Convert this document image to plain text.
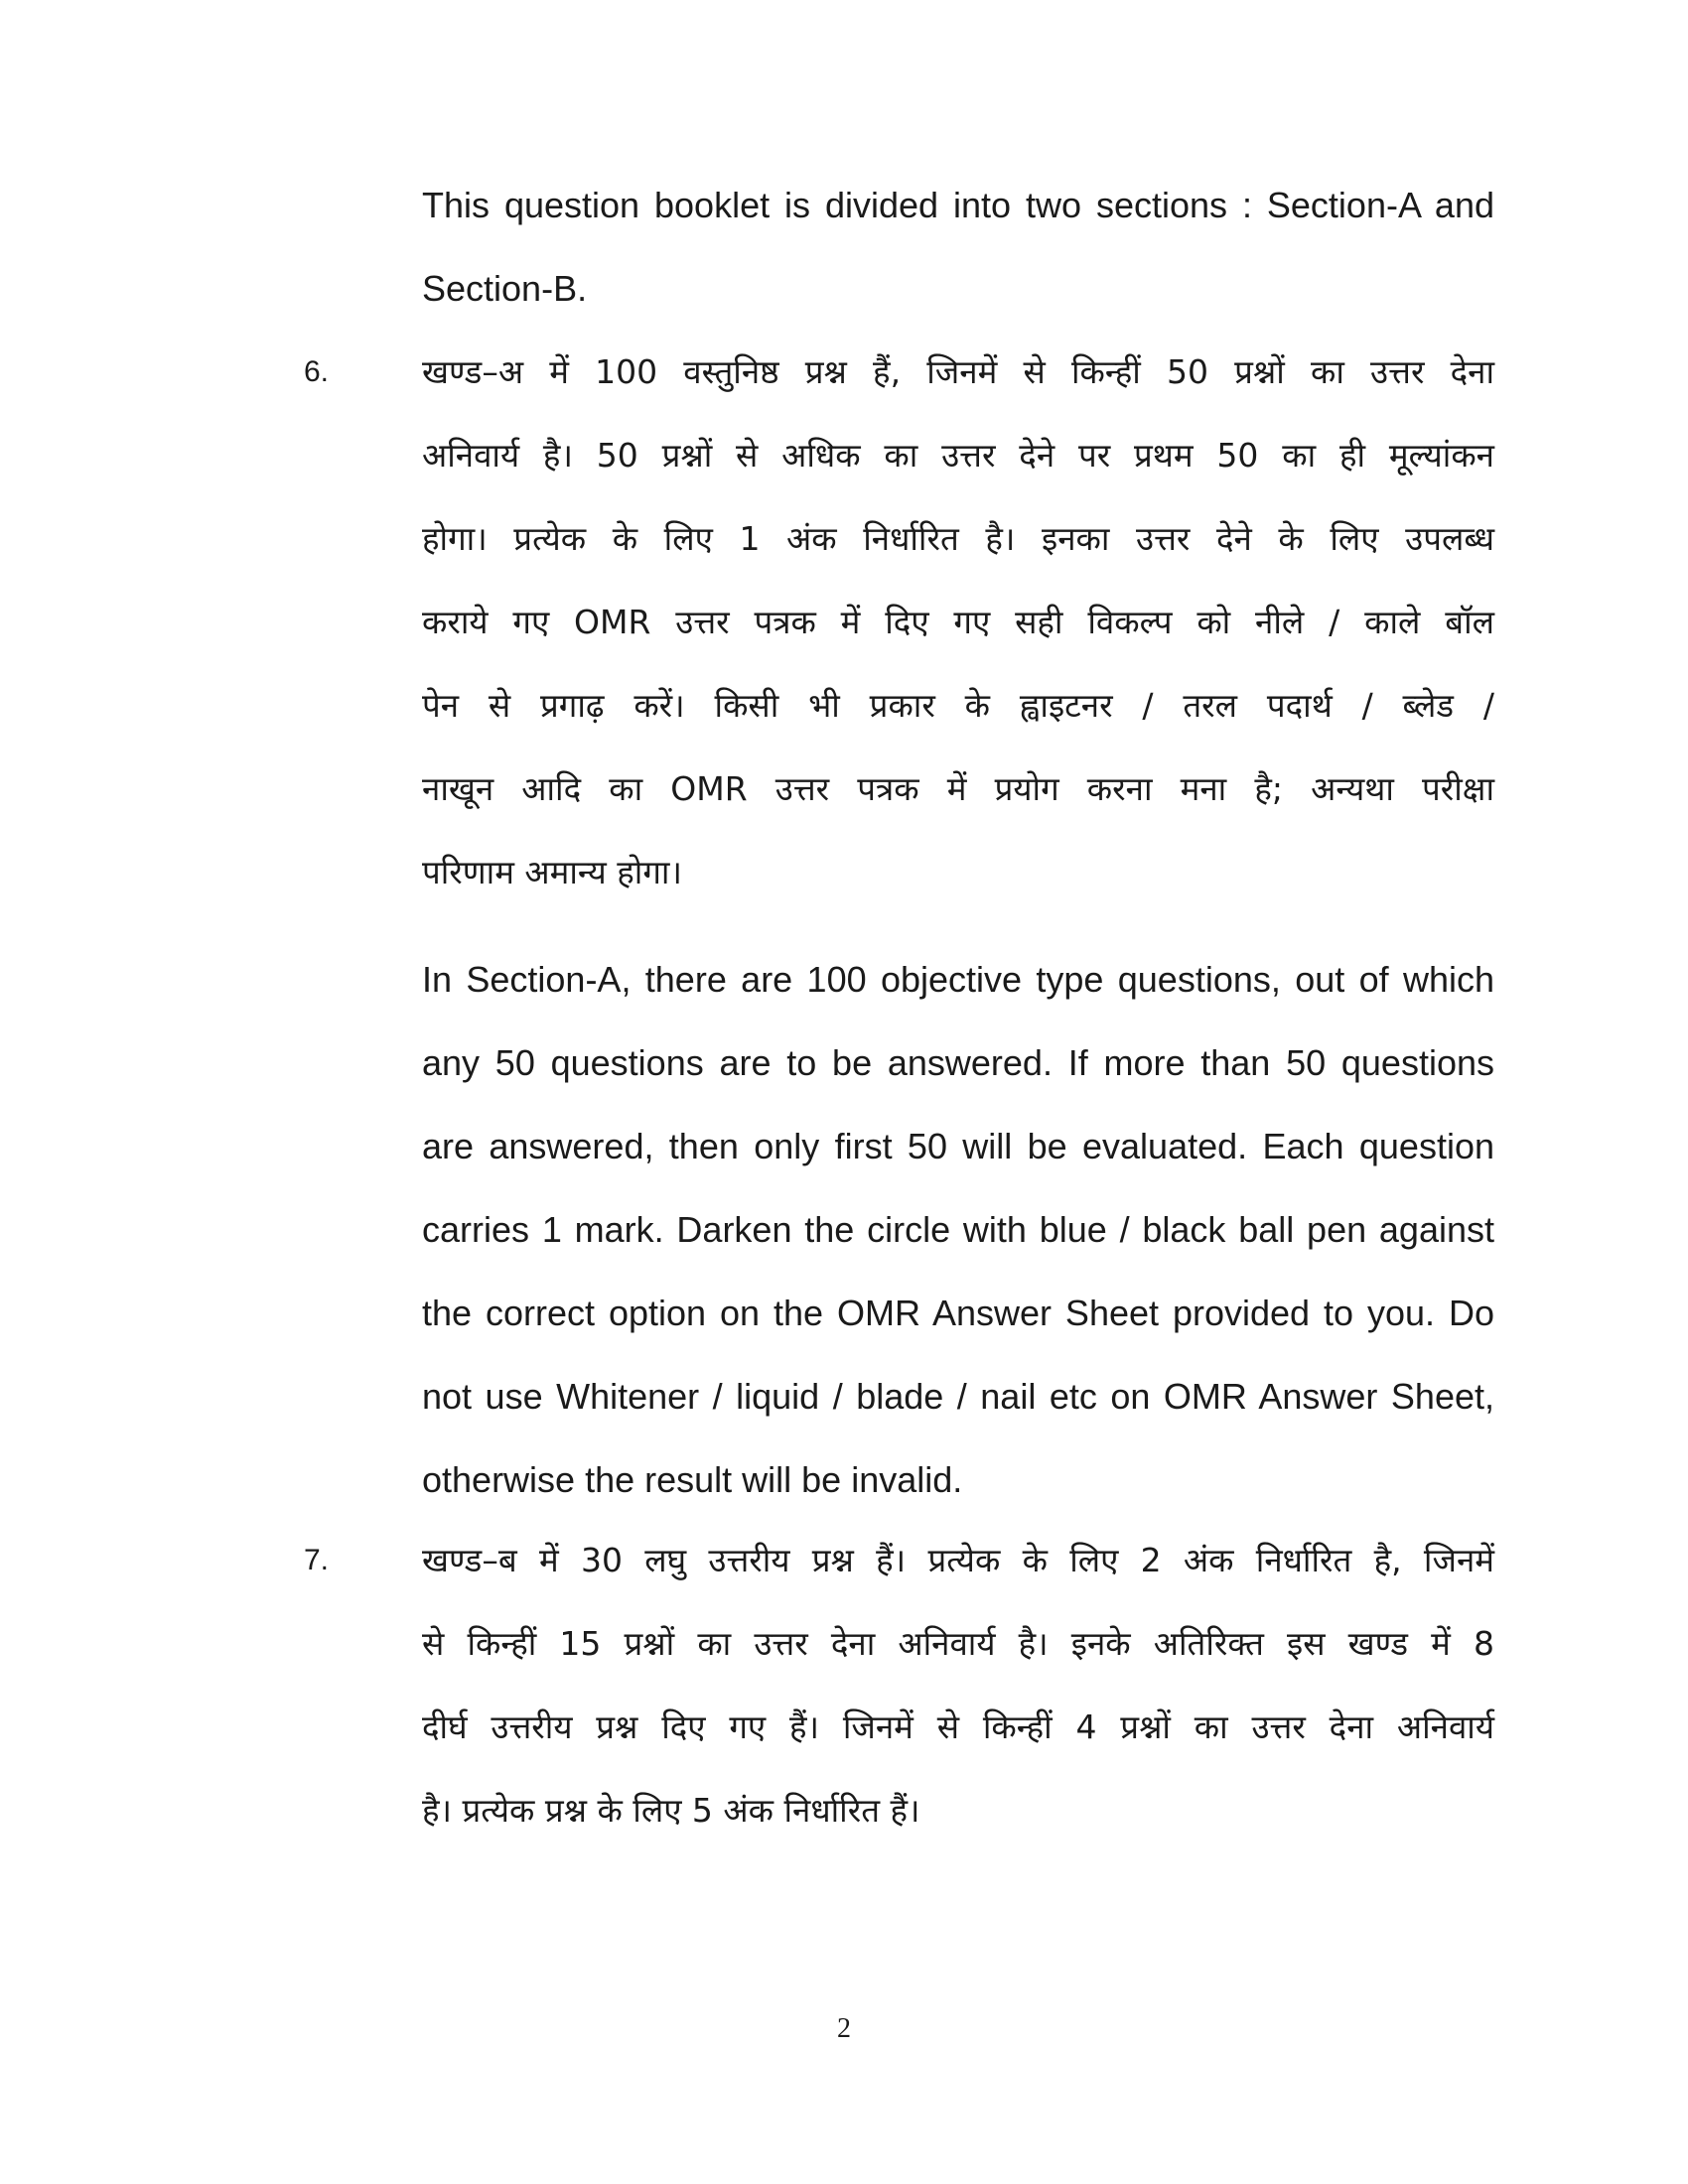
This question booklet is divided into two sections : Section-A and
Section-B.
6.	खण्ड–अ में 100 वस्तुनिष्ठ प्रश्न हैं, जिनमें से किन्हीं 50 प्रश्नों का उत्तर देना
अनिवार्य है। 50 प्रश्नों से अधिक का उत्तर देने पर प्रथम 50 का ही मूल्यांकन
होगा। प्रत्येक के लिए 1 अंक निर्धारित है। इनका उत्तर देने के लिए उपलब्ध
कराये गए OMR उत्तर पत्रक में दिए गए सही विकल्प को नीले / काले बॉल
पेन से प्रगाढ़ करें। किसी भी प्रकार के ह्वाइटनर / तरल पदार्थ / ब्लेड /
नाखून आदि का OMR उत्तर पत्रक में प्रयोग करना मना है; अन्यथा परीक्षा
परिणाम अमान्य होगा।
In Section-A, there are 100 objective type questions, out of which
any 50 questions are to be answered. If more than 50 questions
are answered, then only first 50 will be evaluated. Each question
carries 1 mark. Darken the circle with blue / black ball pen against
the correct option on the OMR Answer Sheet provided to you. Do
not use Whitener / liquid / blade / nail etc on OMR Answer Sheet,
otherwise the result will be invalid.
7.	खण्ड–ब में 30 लघु उत्तरीय प्रश्न हैं। प्रत्येक के लिए 2 अंक निर्धारित है, जिनमें
से किन्हीं 15 प्रश्नों का उत्तर देना अनिवार्य है। इनके अतिरिक्त इस खण्ड में 8
दीर्घ उत्तरीय प्रश्न दिए गए हैं। जिनमें से किन्हीं 4 प्रश्नों का उत्तर देना अनिवार्य
है। प्रत्येक प्रश्न के लिए 5 अंक निर्धारित हैं।
2
